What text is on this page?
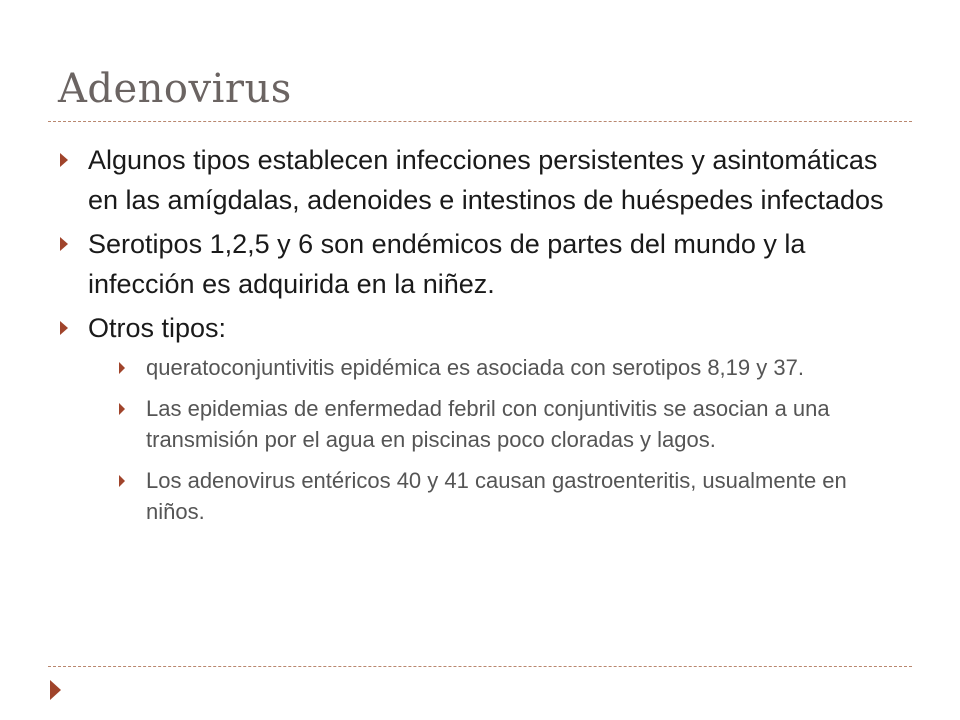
Adenovirus
Algunos tipos establecen infecciones persistentes y asintomáticas en las amígdalas, adenoides e intestinos de huéspedes infectados
Serotipos 1,2,5 y 6 son endémicos de partes del mundo y la infección es adquirida en la niñez.
Otros tipos:
queratoconjuntivitis epidémica es asociada con serotipos 8,19 y 37.
Las epidemias de enfermedad febril con conjuntivitis se asocian a una transmisión por el agua en piscinas poco cloradas y lagos.
Los adenovirus entéricos 40 y 41 causan gastroenteritis, usualmente en niños.
